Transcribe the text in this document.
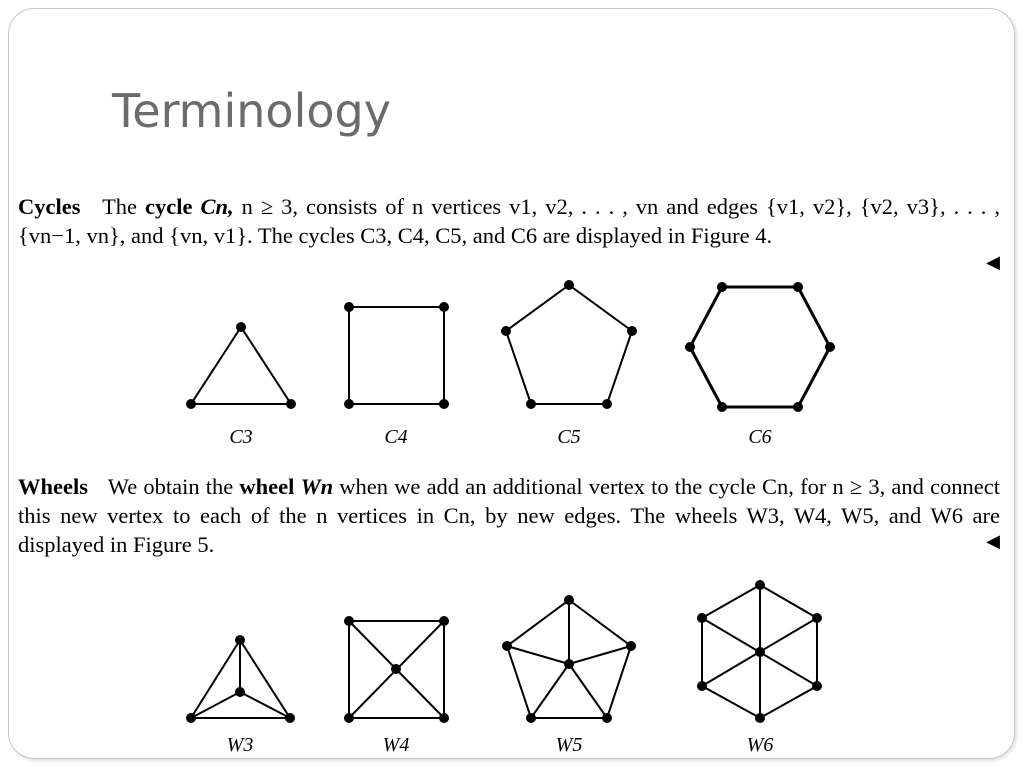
Terminology
Cycles The cycle Cn, n ≥ 3, consists of n vertices v1, v2, . . . , vn and edges {v1, v2}, {v2, v3}, . . . , {vn−1, vn}, and {vn, v1}. The cycles C3, C4, C5, and C6 are displayed in Figure 4.
◀
Wheels We obtain the wheel Wn when we add an additional vertex to the cycle Cn, for n ≥ 3, and connect this new vertex to each of the n vertices in Cn, by new edges. The wheels W3, W4, W5, and W6 are displayed in Figure 5.	◀
C3	C4	C5	C6
W3	W4	W5	W6
